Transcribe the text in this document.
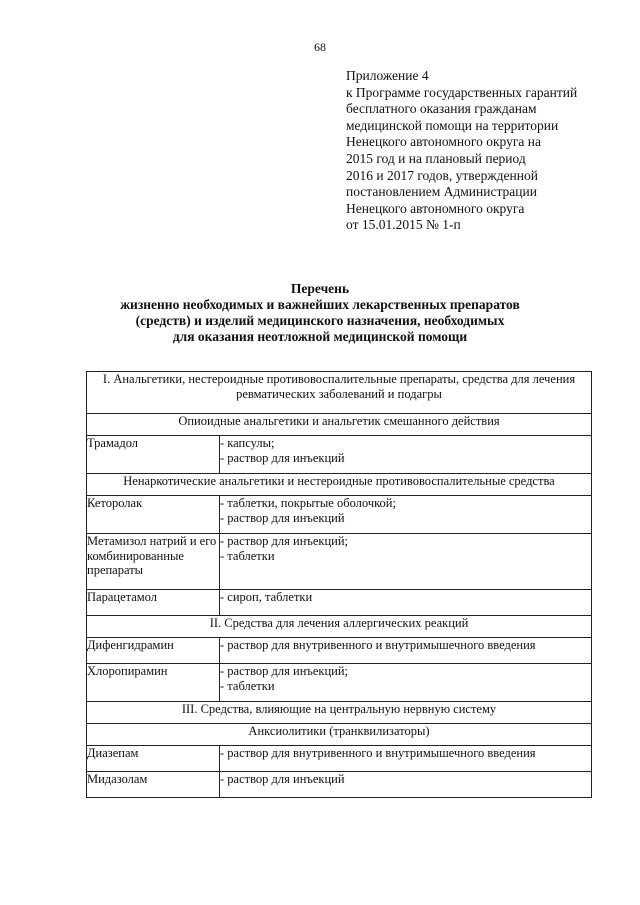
68
Приложение 4
к Программе государственных гарантий
бесплатного оказания гражданам
медицинской помощи на территории
Ненецкого автономного округа на
2015 год и на плановый период
2016 и 2017 годов, утвержденной
постановлением Администрации
Ненецкого автономного округа
от 15.01.2015 № 1-п
Перечень
жизненно необходимых и важнейших лекарственных препаратов
(средств) и изделий медицинского назначения, необходимых
для оказания неотложной медицинской помощи
I. Анальгетики, нестероидные противовоспалительные препараты, средства для лечения ревматических заболеваний и подагры	
Опиоидные анальгетики и анальгетик смешанного действия	
Трамадол	- капсулы;
- раствор для инъекций

Ненаркотические анальгетики и нестероидные противовоспалительные средства	
Кеторолак	- таблетки, покрытые оболочкой;
- раствор для инъекций

Метамизол натрий и его комбинированные препараты	- раствор для инъекций;
- таблетки

Парацетамол	- сироп, таблетки

II. Средства для лечения аллергических реакций	
Дифенгидрамин	- раствор для внутривенного и внутримышечного введения

Хлоропирамин	- раствор для инъекций;
- таблетки

III. Средства, влияющие на центральную нервную систему	
Анксиолитики (транквилизаторы)	
Диазепам	- раствор для внутривенного и внутримышечного введения

Мидазолам	- раствор для инъекций
